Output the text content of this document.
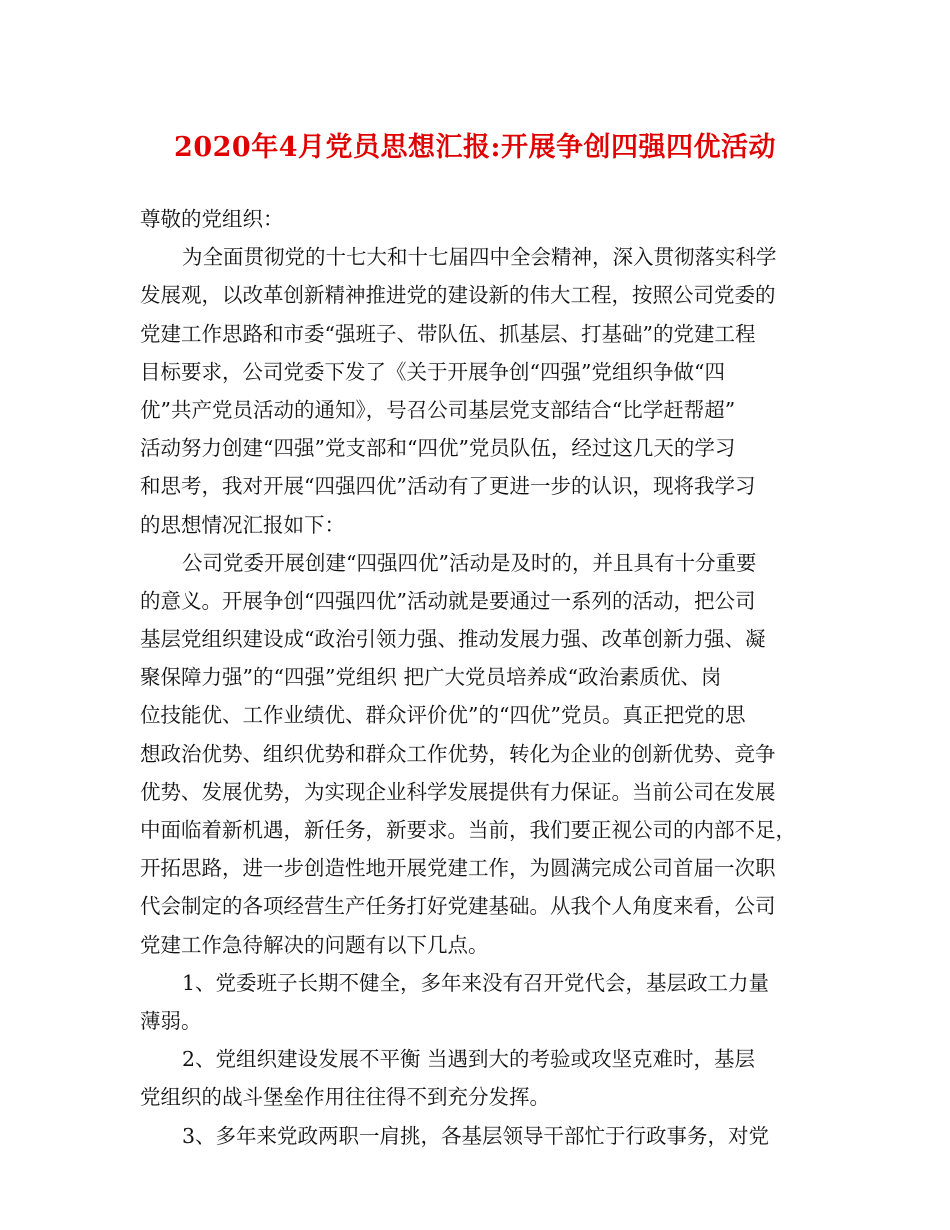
2020年4月党员思想汇报:开展争创四强四优活动
尊敬的党组织：
为全面贯彻党的十七大和十七届四中全会精神，深入贯彻落实科学
发展观，以改革创新精神推进党的建设新的伟大工程，按照公司党委的
党建工作思路和市委“强班子、带队伍、抓基层、打基础”的党建工程
目标要求，公司党委下发了《关于开展争创“四强”党组织争做“四
优”共产党员活动的通知》，号召公司基层党支部结合“比学赶帮超”
活动努力创建“四强”党支部和“四优”党员队伍，经过这几天的学习
和思考，我对开展“四强四优”活动有了更进一步的认识，现将我学习
的思想情况汇报如下：
公司党委开展创建“四强四优”活动是及时的，并且具有十分重要
的意义。开展争创“四强四优”活动就是要通过一系列的活动，把公司
基层党组织建设成“政治引领力强、推动发展力强、改革创新力强、凝
聚保障力强”的“四强”党组织 把广大党员培养成“政治素质优、岗
位技能优、工作业绩优、群众评价优”的“四优”党员。真正把党的思
想政治优势、组织优势和群众工作优势，转化为企业的创新优势、竞争
优势、发展优势，为实现企业科学发展提供有力保证。当前公司在发展
中面临着新机遇，新任务，新要求。当前，我们要正视公司的内部不足，
开拓思路，进一步创造性地开展党建工作，为圆满完成公司首届一次职
代会制定的各项经营生产任务打好党建基础。从我个人角度来看，公司
党建工作急待解决的问题有以下几点。
1、党委班子长期不健全，多年来没有召开党代会，基层政工力量
薄弱。
2、党组织建设发展不平衡 当遇到大的考验或攻坚克难时，基层
党组织的战斗堡垒作用往往得不到充分发挥。
3、多年来党政两职一肩挑，各基层领导干部忙于行政事务，对党
